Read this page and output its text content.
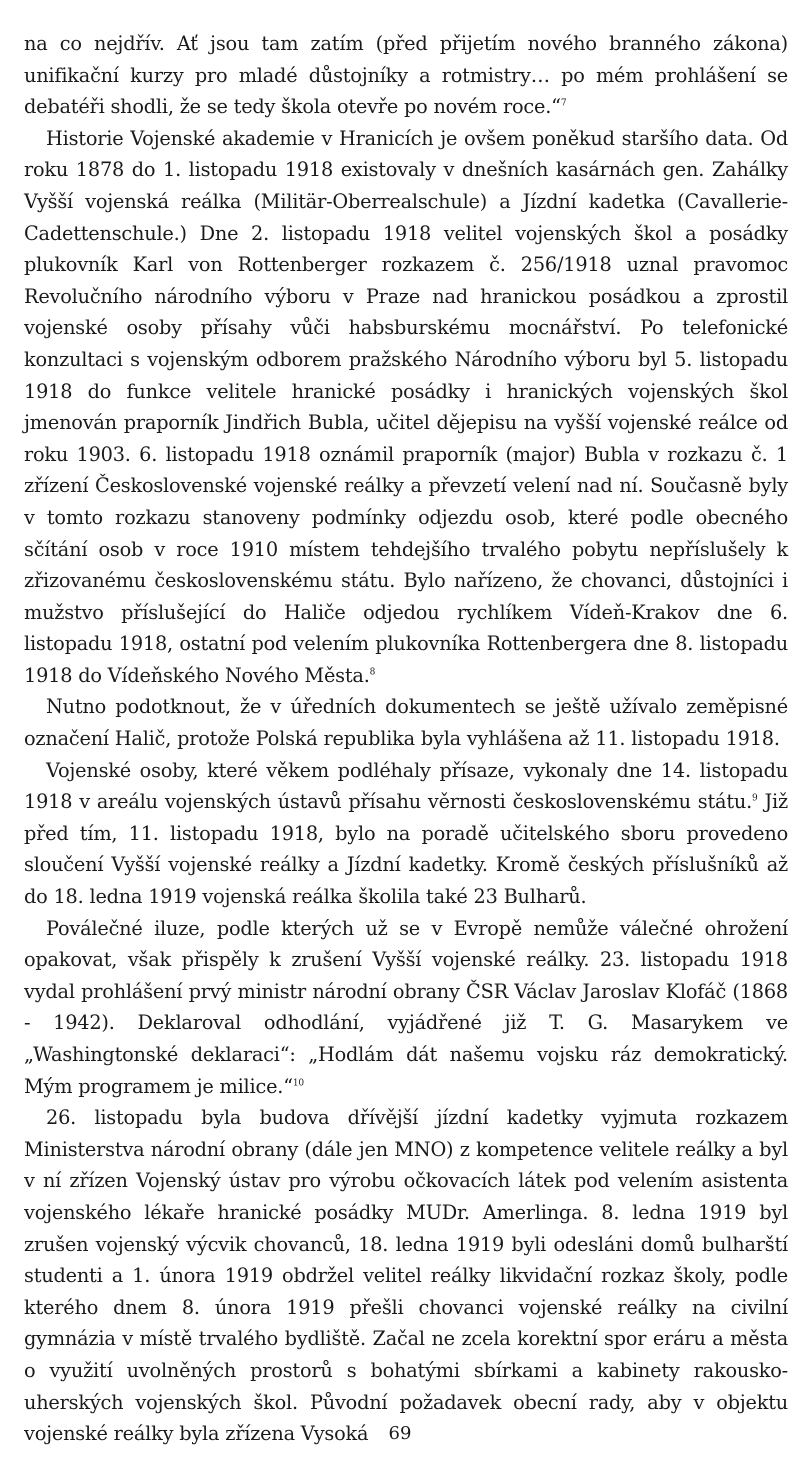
na co nejdřív. Ať jsou tam zatím (před přijetím nového branného zákona) unifikační kurzy pro mladé důstojníky a rotmistry… po mém prohlášení se debatéři shodli, že se tedy škola otevře po novém roce.“$^7$

Historie Vojenské akademie v Hranicích je ovšem poněkud staršího data. Od roku 1878 do 1. listopadu 1918 existovaly v dnešních kasárnách gen. Zahálky Vyšší vojenská reálka (Militär-Oberrealschule) a Jízdní kadetka (Cavallerie-Cadettenschule.) Dne 2. listopadu 1918 velitel vojenských škol a posádky plukovník Karl von Rottenberger rozkazem č. 256/1918 uznal pravomoc Revolučního národního výboru v Praze nad hranickou posádkou a zprostil vojenské osoby přísahy vůči habsburskému mocnářství. Po telefonické konzultaci s vojenským odborem pražského Národního výboru byl 5. listopadu 1918 do funkce velitele hranické posádky i hranických vojenských škol jmenován praporník Jindřich Bubla, učitel dějepisu na vyšší vojenské reálce od roku 1903. 6. listopadu 1918 oznámil praporník (major) Bubla v rozkazu č. 1 zřízení Československé vojenské reálky a převzetí velení nad ní. Současně byly v tomto rozkazu stanoveny podmínky odjezdu osob, které podle obecného sčítání osob v roce 1910 místem tehdejšího trvalého pobytu nepříslušely k zřizovanému československému státu. Bylo nařízeno, že chovanci, důstojníci i mužstvo příslušející do Haliče odjedou rychlíkem Vídeň-Krakov dne 6. listopadu 1918, ostatní pod velením plukovníka Rottenbergera dne 8. listopadu 1918 do Vídeňského Nového Města.$^8$

Nutno podotknout, že v úředních dokumentech se ještě užívalo zeměpisné označení Halič, protože Polská republika byla vyhlášena až 11. listopadu 1918.

Vojenské osoby, které věkem podléhaly přísaze, vykonaly dne 14. listopadu 1918 v areálu vojenských ústavů přísahu věrnosti československému státu.$^9$ Již před tím, 11. listopadu 1918, bylo na poradě učitelského sboru provedeno sloučení Vyšší vojenské reálky a Jízdní kadetky. Kromě českých příslušníků až do 18. ledna 1919 vojenská reálka školila také 23 Bulharů.

Poválečné iluze, podle kterých už se v Evropě nemůže válečné ohrožení opakovat, však přispěly k zrušení Vyšší vojenské reálky. 23. listopadu 1918 vydal prohlášení prvý ministr národní obrany ČSR Václav Jaroslav Klofáč (1868 - 1942). Deklaroval odhodlání, vyjádřené již T. G. Masarykem ve „Washingtonské deklaraci“: „Hodlám dát našemu vojsku ráz demokratický. Mým programem je milice.“$^{10}$

26. listopadu byla budova dřívější jízdní kadetky vyjmuta rozkazem Ministerstva národní obrany (dále jen MNO) z kompetence velitele reálky a byl v ní zřízen Vojenský ústav pro výrobu očkovacích látek pod velením asistenta vojenského lékaře hranické posádky MUDr. Amerlinga. 8. ledna 1919 byl zrušen vojenský výcvik chovanců, 18. ledna 1919 byli odesláni domů bulharští studenti a 1. února 1919 obdržel velitel reálky likvidační rozkaz školy, podle kterého dnem 8. února 1919 přešli chovanci vojenské reálky na civilní gymnázia v místě trvalého bydliště. Začal ne zcela korektní spor eráru a města o využití uvolněných prostorů s bohatými sbírkami a kabinety rakousko-uherských vojenských škol. Původní požadavek obecní rady, aby v objektu vojenské reálky byla zřízena Vysoká	69
